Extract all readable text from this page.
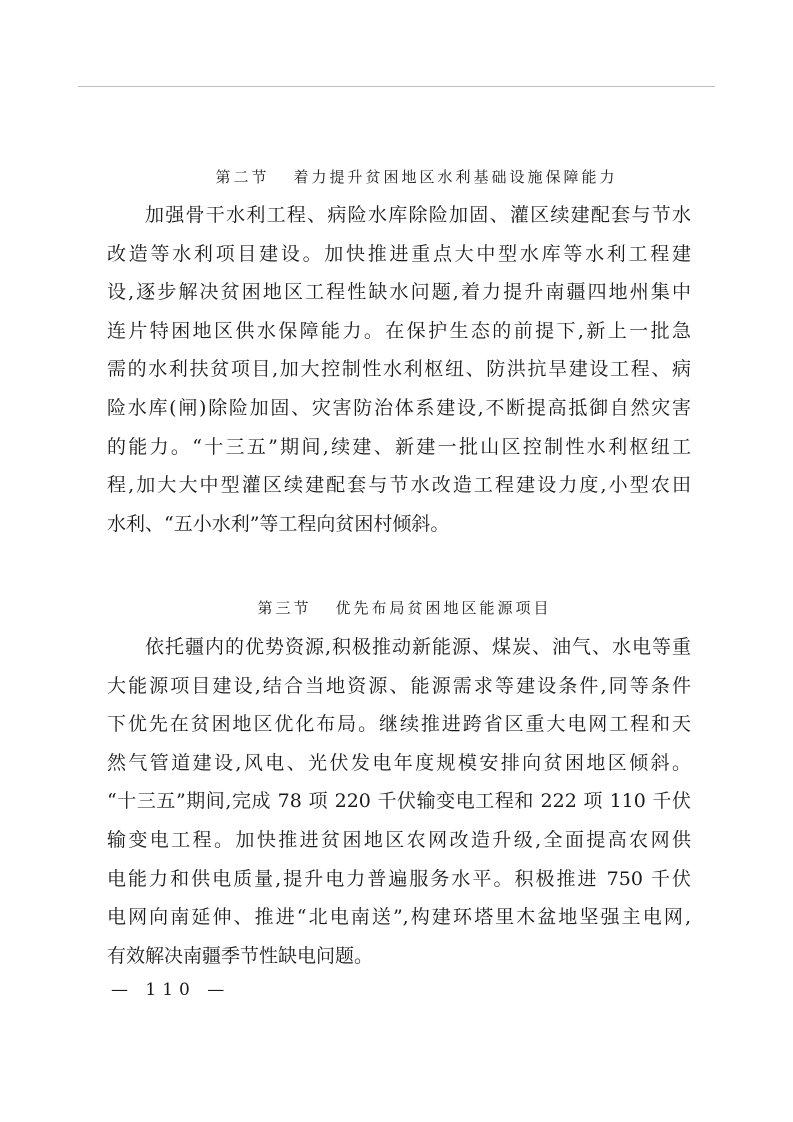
第二节 着力提升贫困地区水利基础设施保障能力
加强骨干水利工程、病险水库除险加固、灌区续建配套与节水
改造等水利项目建设。加快推进重点大中型水库等水利工程建
设,逐步解决贫困地区工程性缺水问题,着力提升南疆四地州集中
连片特困地区供水保障能力。在保护生态的前提下,新上一批急
需的水利扶贫项目,加大控制性水利枢纽、防洪抗旱建设工程、病
险水库(闸)除险加固、灾害防治体系建设,不断提高抵御自然灾害
的能力。“十三五”期间,续建、新建一批山区控制性水利枢纽工
程,加大大中型灌区续建配套与节水改造工程建设力度,小型农田
水利、“五小水利”等工程向贫困村倾斜。
第三节 优先布局贫困地区能源项目
依托疆内的优势资源,积极推动新能源、煤炭、油气、水电等重
大能源项目建设,结合当地资源、能源需求等建设条件,同等条件
下优先在贫困地区优化布局。继续推进跨省区重大电网工程和天
然气管道建设,风电、光伏发电年度规模安排向贫困地区倾斜。
“十三五”期间,完成 78 项 220 千伏输变电工程和 222 项 110 千伏
输变电工程。加快推进贫困地区农网改造升级,全面提高农网供
电能力和供电质量,提升电力普遍服务水平。积极推进 750 千伏
电网向南延伸、推进“北电南送”,构建环塔里木盆地坚强主电网,
有效解决南疆季节性缺电问题。
— 110 —
